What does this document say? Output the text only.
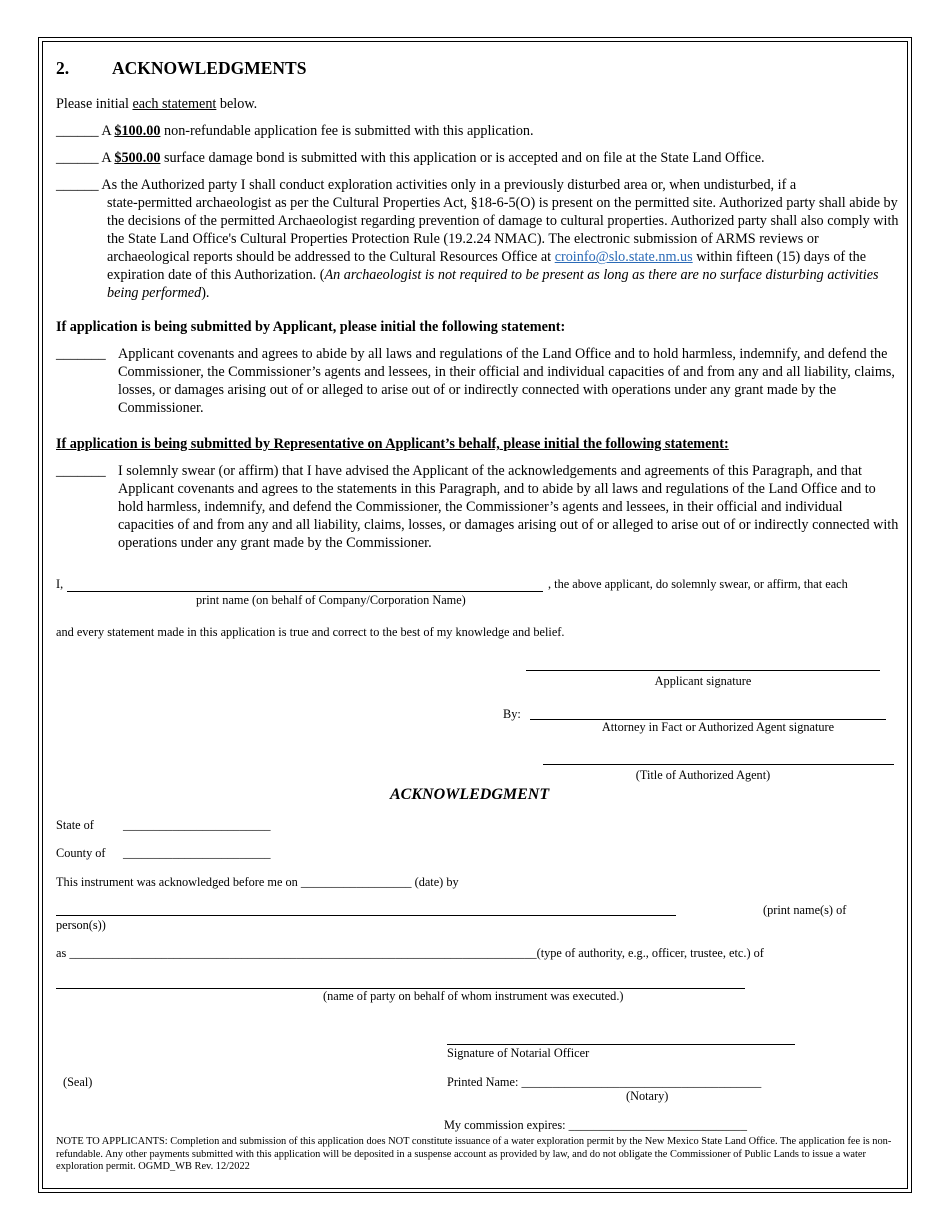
2. ACKNOWLEDGMENTS
Please initial each statement below.
______ A $100.00 non-refundable application fee is submitted with this application.
______ A $500.00 surface damage bond is submitted with this application or is accepted and on file at the State Land Office.
______ As the Authorized party I shall conduct exploration activities only in a previously disturbed area or, when undisturbed, if a
state-permitted archaeologist as per the Cultural Properties Act, §18-6-5(O) is present on the permitted site. Authorized party shall abide by the decisions of the permitted Archaeologist regarding prevention of damage to cultural properties. Authorized party shall also comply with the State Land Office's Cultural Properties Protection Rule (19.2.24 NMAC). The electronic submission of ARMS reviews or archaeological reports should be addressed to the Cultural Resources Office at croinfo@slo.state.nm.us within fifteen (15) days of the expiration date of this Authorization. (An archaeologist is not required to be present as long as there are no surface disturbing activities being performed).
If application is being submitted by Applicant, please initial the following statement:
_______ Applicant covenants and agrees to abide by all laws and regulations of the Land Office and to hold harmless, indemnify, and defend the Commissioner, the Commissioner’s agents and lessees, in their official and individual capacities of and from any and all liability, claims, losses, or damages arising out of or alleged to arise out of or indirectly connected with operations under any grant made by the Commissioner.
If application is being submitted by Representative on Applicant’s behalf, please initial the following statement:
_______ I solemnly swear (or affirm) that I have advised the Applicant of the acknowledgements and agreements of this Paragraph, and that Applicant covenants and agrees to the statements in this Paragraph, and to abide by all laws and regulations of the Land Office and to hold harmless, indemnify, and defend the Commissioner, the Commissioner’s agents and lessees, in their official and individual capacities of and from any and all liability, claims, losses, or damages arising out of or alleged to arise out of or indirectly connected with operations under any grant made by the Commissioner.
I,	, the above applicant, do solemnly swear, or affirm, that each
print name (on behalf of Company/Corporation Name)
and every statement made in this application is true and correct to the best of my knowledge and belief.
Applicant signature
By:
Attorney in Fact or Authorized Agent signature
(Title of Authorized Agent)
ACKNOWLEDGMENT
State of ________________________
County of ________________________
This instrument was acknowledged before me on __________________ (date) by
(print name(s) of
person(s))
as ____________________________________________________________________________(type of authority, e.g., officer, trustee, etc.) of
(name of party on behalf of whom instrument was executed.)
Signature of Notarial Officer
(Seal)	Printed Name: _______________________________________
(Notary)
My commission expires: _____________________________
NOTE TO APPLICANTS: Completion and submission of this application does NOT constitute issuance of a water exploration permit by the New Mexico State Land Office. The application fee is non-refundable. Any other payments submitted with this application will be deposited in a suspense account as provided by law, and do not obligate the Commissioner of Public Lands to issue a water exploration permit. OGMD_WB Rev. 12/2022
